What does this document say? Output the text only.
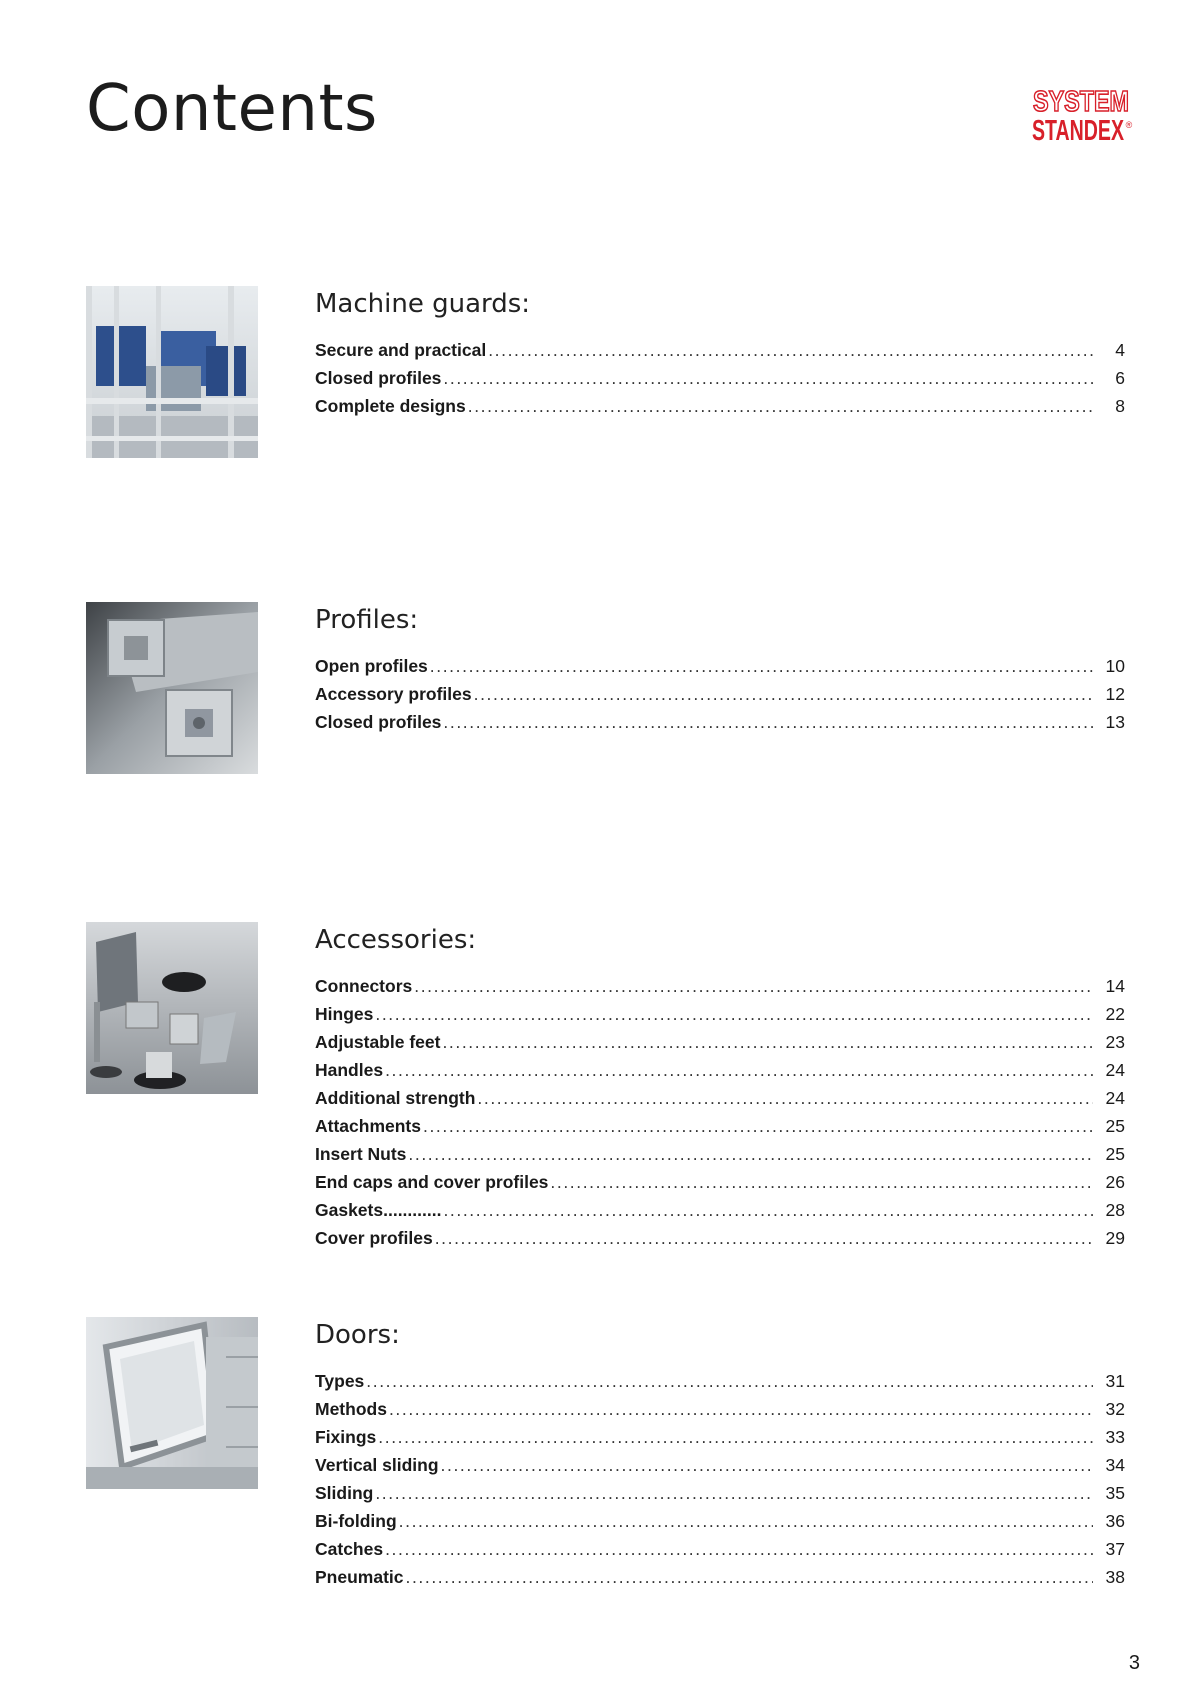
Contents	SYSTEM
STANDEX ®
Machine guards:
Secure and practical .....	4
Closed profiles .....	6
Complete designs .....	8
Profiles:
Open profiles .....	10
Accessory profiles .....	12
Closed profiles .....	13
Accessories:
Connectors .....	14
Hinges .....	22
Adjustable feet .....	23
Handles .....	24
Additional strength .....	24
Attachments .....	25
Insert Nuts .....	25
End caps and cover profiles .....	26
Gaskets............ .....	28
Cover profiles .....	29
Doors:
Types .....	31
Methods .....	32
Fixings .....	33
Vertical sliding .....	34
Sliding .....	35
Bi-folding .....	36
Catches .....	37
Pneumatic .....	38
3
